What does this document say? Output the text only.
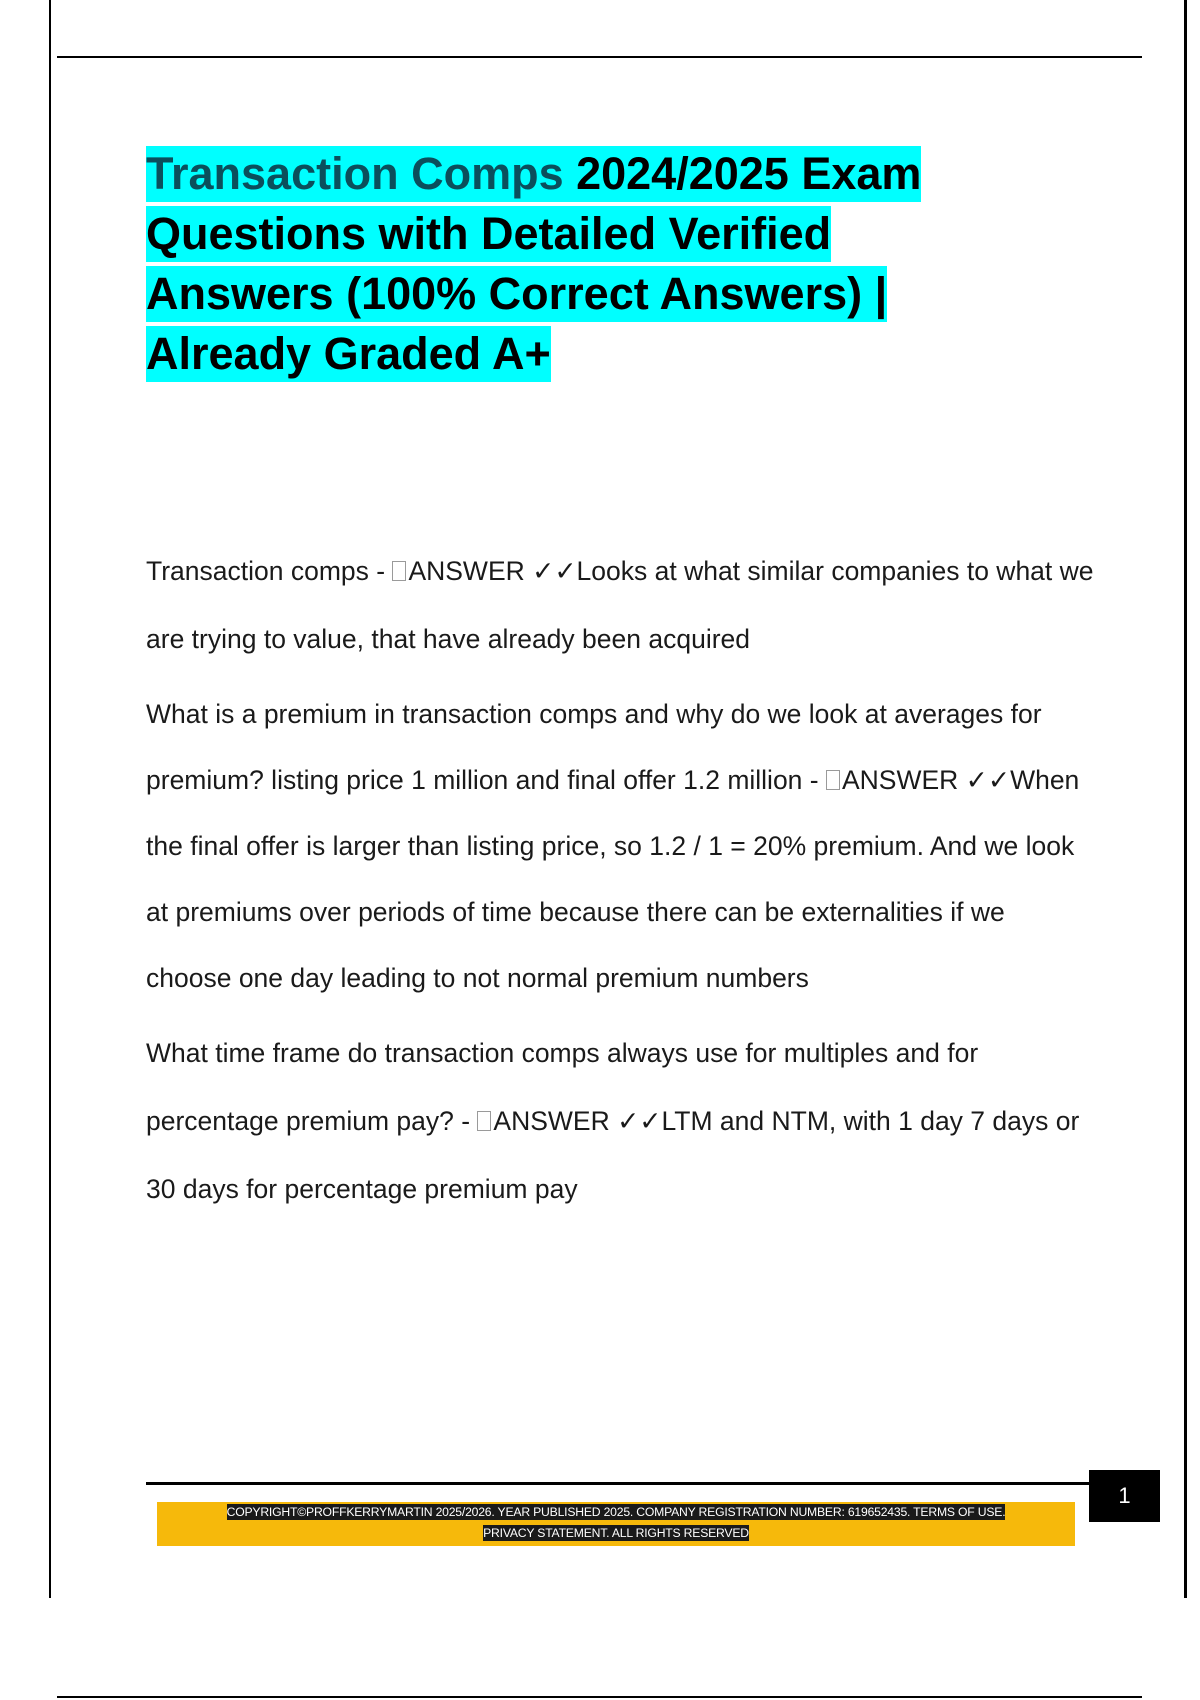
Transaction Comps 2024/2025 Exam Questions with Detailed Verified Answers (100% Correct Answers) | Already Graded A+

Transaction comps - ANSWER ✓✓Looks at what similar companies to what we are trying to value, that have already been acquired

What is a premium in transaction comps and why do we look at averages for premium? listing price 1 million and final offer 1.2 million - ANSWER ✓✓When the final offer is larger than listing price, so 1.2 / 1 = 20% premium. And we look at premiums over periods of time because there can be externalities if we choose one day leading to not normal premium numbers

What time frame do transaction comps always use for multiples and for percentage premium pay? - ANSWER ✓✓LTM and NTM, with 1 day 7 days or 30 days for percentage premium pay

1
COPYRIGHT©PROFFKERRYMARTIN 2025/2026. YEAR PUBLISHED 2025. COMPANY REGISTRATION NUMBER: 619652435. TERMS OF USE.
PRIVACY STATEMENT. ALL RIGHTS RESERVED
